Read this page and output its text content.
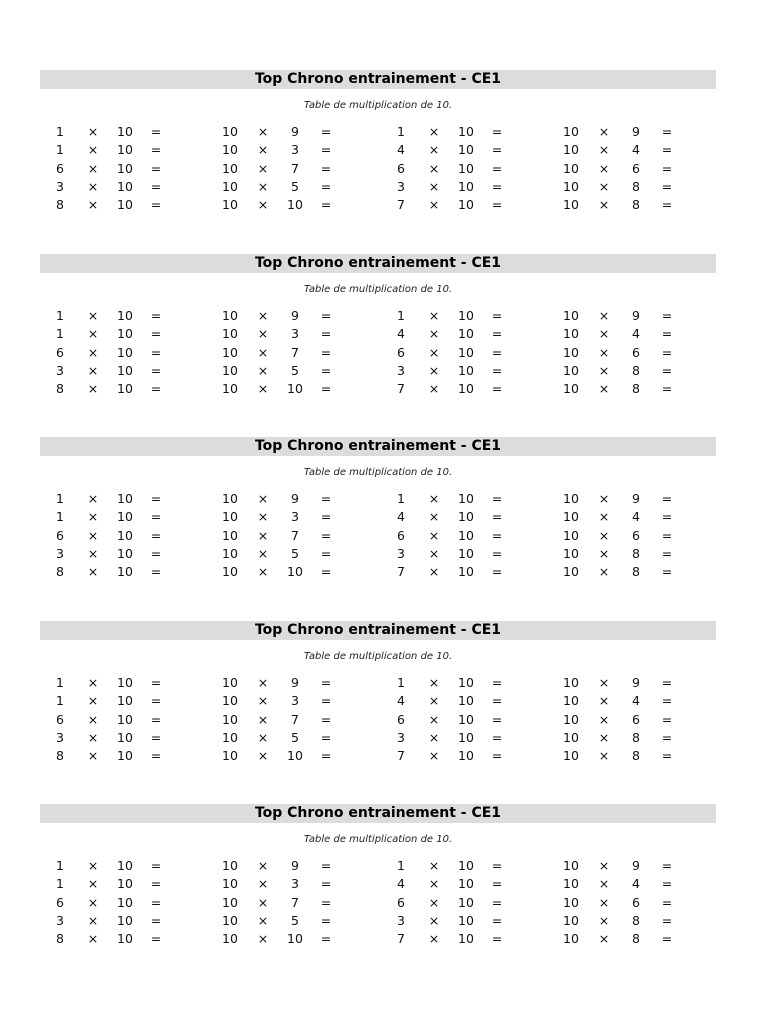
Top Chrono entrainement - CE1
Table de multiplication de 10.
1	×	10	=
1	×	10	=
6	×	10	=
3	×	10	=
8	×	10	=
10	×	9	=
10	×	3	=
10	×	7	=
10	×	5	=
10	×	10	=
1	×	10	=
4	×	10	=
6	×	10	=
3	×	10	=
7	×	10	=
10	×	9	=
10	×	4	=
10	×	6	=
10	×	8	=
10	×	8	=
Top Chrono entrainement - CE1
Table de multiplication de 10.
1	×	10	=
1	×	10	=
6	×	10	=
3	×	10	=
8	×	10	=
10	×	9	=
10	×	3	=
10	×	7	=
10	×	5	=
10	×	10	=
1	×	10	=
4	×	10	=
6	×	10	=
3	×	10	=
7	×	10	=
10	×	9	=
10	×	4	=
10	×	6	=
10	×	8	=
10	×	8	=
Top Chrono entrainement - CE1
Table de multiplication de 10.
1	×	10	=
1	×	10	=
6	×	10	=
3	×	10	=
8	×	10	=
10	×	9	=
10	×	3	=
10	×	7	=
10	×	5	=
10	×	10	=
1	×	10	=
4	×	10	=
6	×	10	=
3	×	10	=
7	×	10	=
10	×	9	=
10	×	4	=
10	×	6	=
10	×	8	=
10	×	8	=
Top Chrono entrainement - CE1
Table de multiplication de 10.
1	×	10	=
1	×	10	=
6	×	10	=
3	×	10	=
8	×	10	=
10	×	9	=
10	×	3	=
10	×	7	=
10	×	5	=
10	×	10	=
1	×	10	=
4	×	10	=
6	×	10	=
3	×	10	=
7	×	10	=
10	×	9	=
10	×	4	=
10	×	6	=
10	×	8	=
10	×	8	=
Top Chrono entrainement - CE1
Table de multiplication de 10.
1	×	10	=
1	×	10	=
6	×	10	=
3	×	10	=
8	×	10	=
10	×	9	=
10	×	3	=
10	×	7	=
10	×	5	=
10	×	10	=
1	×	10	=
4	×	10	=
6	×	10	=
3	×	10	=
7	×	10	=
10	×	9	=
10	×	4	=
10	×	6	=
10	×	8	=
10	×	8	=
